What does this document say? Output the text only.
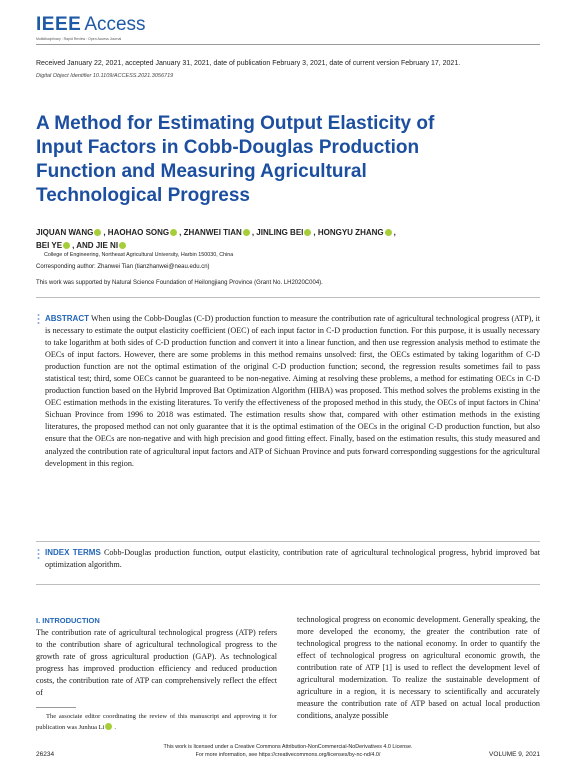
IEEE Access
Multidisciplinary : Rapid Review : Open Access Journal
Received January 22, 2021, accepted January 31, 2021, date of publication February 3, 2021, date of current version February 17, 2021.
Digital Object Identifier 10.1109/ACCESS.2021.3056719
A Method for Estimating Output Elasticity of Input Factors in Cobb-Douglas Production Function and Measuring Agricultural Technological Progress
JIQUAN WANG , HAOHAO SONG , ZHANWEI TIAN , JINLING BEI , HONGYU ZHANG ,
BEI YE , AND JIE NI
College of Engineering, Northeast Agricultural University, Harbin 150030, China
Corresponding author: Zhanwei Tian (tianzhanwei@neau.edu.cn)
This work was supported by Natural Science Foundation of Heilongjiang Province (Grant No. LH2020C004).
ABSTRACT When using the Cobb-Douglas (C-D) production function to measure the contribution rate of agricultural technological progress (ATP), it is necessary to estimate the output elasticity coefficient (OEC) of each input factor in C-D production function. For this purpose, it is usually necessary to take logarithm at both sides of C-D production function and convert it into a linear function, and then use regression analysis method to estimate the OECs of input factors. However, there are some problems in this method remains unsolved: first, the OECs estimated by taking logarithm of C-D production function are not the optimal estimation of the original C-D production function; second, the regression results sometimes fail to pass statistical test; third, some OECs cannot be guaranteed to be non-negative. Aiming at resolving these problems, a method for estimating OECs in C-D production function based on the Hybrid Improved Bat Optimization Algorithm (HIBA) was proposed. This method solves the problems existing in the OEC estimation methods in the existing literatures. To verify the effectiveness of the proposed method in this study, the OECs of input factors in China' Sichuan Province from 1996 to 2018 was estimated. The estimation results show that, compared with other estimation methods in the existing literatures, the proposed method can not only guarantee that it is the optimal estimation of the OECs in the original C-D production function, but also ensure that the OECs are non-negative and with high precision and good fitting effect. Finally, based on the estimation results, this study measured and analyzed the contribution rate of agricultural input factors and ATP of Sichuan Province and puts forward corresponding suggestions for the agricultural development in this region.
INDEX TERMS Cobb-Douglas production function, output elasticity, contribution rate of agricultural technological progress, hybrid improved bat optimization algorithm.
I. INTRODUCTION
The contribution rate of agricultural technological progress (ATP) refers to the contribution share of agricultural technological progress to the growth rate of gross agricultural production (GAP). As technological progress has improved production efficiency and reduced production costs, the contribution rate of ATP can comprehensively reflect the effect of
technological progress on economic development. Generally speaking, the more developed the economy, the greater the contribution rate of technological progress to the national economy. In order to quantify the effect of technological progress on agricultural economic growth, the contribution rate of ATP [1] is used to reflect the development level of agricultural modernization. To realize the sustainable development of agriculture in a region, it is necessary to scientifically and accurately measure the contribution rate of ATP based on actual local production conditions, analyze possible
The associate editor coordinating the review of this manuscript and approving it for publication was Junhua Li .
26234
This work is licensed under a Creative Commons Attribution-NonCommercial-NoDerivatives 4.0 License.
For more information, see https://creativecommons.org/licenses/by-nc-nd/4.0/	VOLUME 9, 2021
